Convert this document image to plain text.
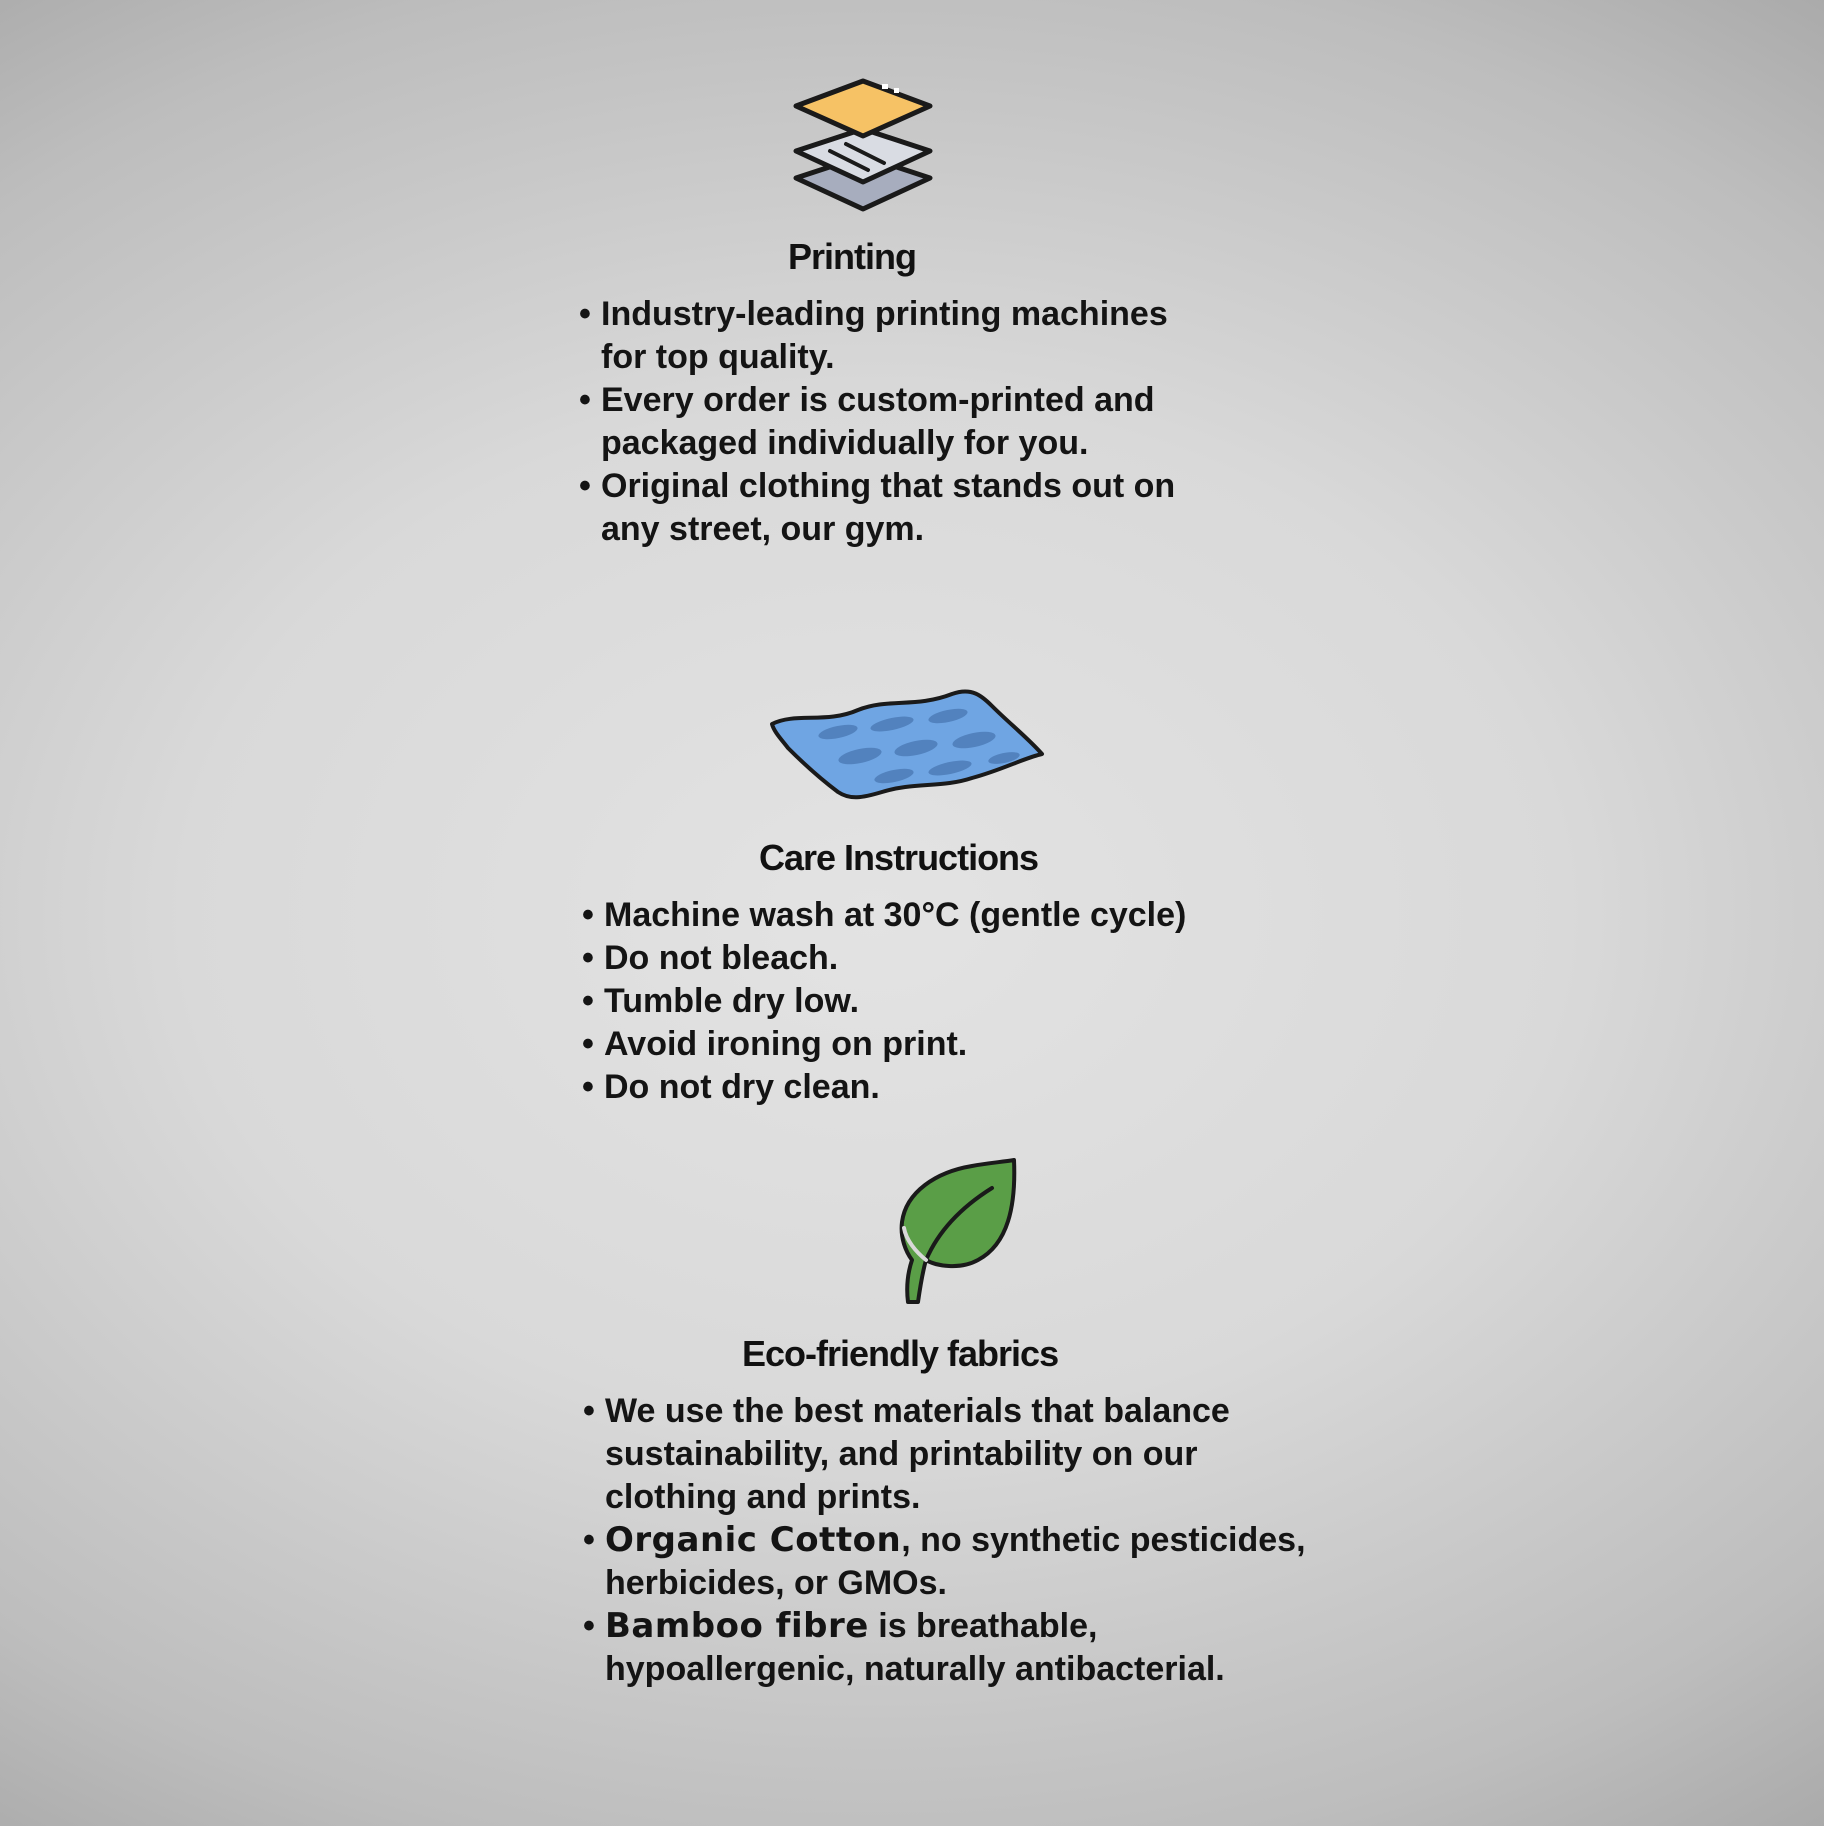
Printing
• Industry-leading printing machines
for top quality.
• Every order is custom-printed and
packaged individually for you.
• Original clothing that stands out on
any street, our gym.
Care Instructions
• Machine wash at 30°C (gentle cycle)
• Do not bleach.
• Tumble dry low.
• Avoid ironing on print.
• Do not dry clean.
Eco-friendly fabrics
• We use the best materials that balance
sustainability, and printability on our
clothing and prints.
• Organic Cotton, no synthetic pesticides,
herbicides, or GMOs.
• Bamboo fibre is breathable,
hypoallergenic, naturally antibacterial.
